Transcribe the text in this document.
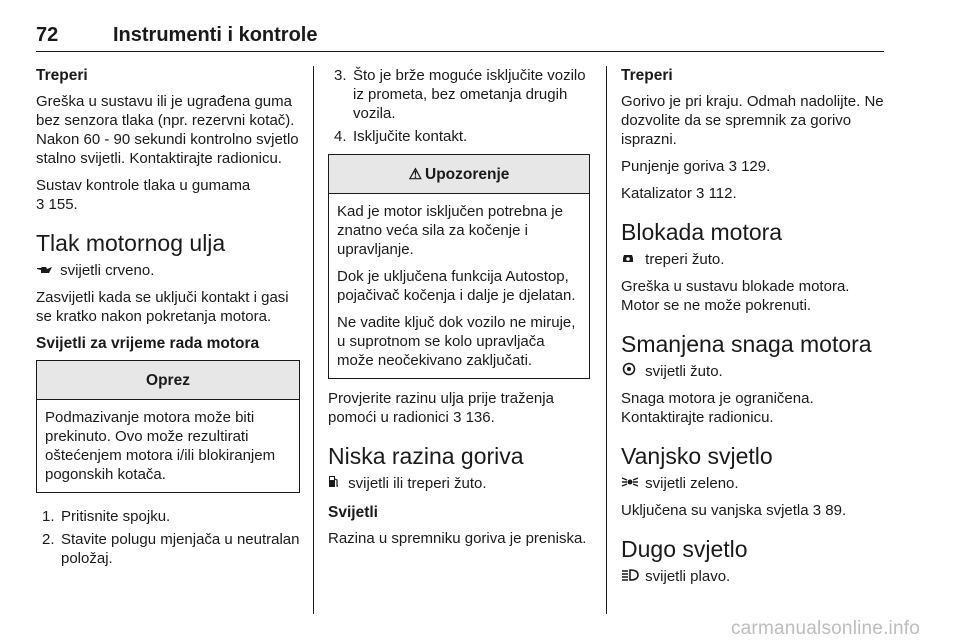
72	Instrumenti i kontrole
Treperi

Greška u sustavu ili je ugrađena guma bez senzora tlaka (npr. rezervni kotač). Nakon 60 - 90 sekundi kontrolno svjetlo stalno svijetli. Kontaktirajte radionicu.

Sustav kontrole tlaka u gumama
3 155.

Tlak motornog ulja

svijetli crveno.

Zasvijetli kada se uključi kontakt i gasi se kratko nakon pokretanja motora.

Svijetli za vrijeme rada motora
Oprez

Podmazivanje motora može biti prekinuto. Ovo može rezultirati oštećenjem motora i/ili blokiranjem pogonskih kotača.

1. Pritisnite spojku.
2. Stavite polugu mjenjača u neutralan položaj.
3. Što je brže moguće isključite vozilo iz prometa, bez ometanja drugih vozila.
4. Isključite kontakt.
⚠ Upozorenje

Kad je motor isključen potrebna je znatno veća sila za kočenje i upravljanje.

Dok je uključena funkcija Autostop, pojačivač kočenja i dalje je djelatan.

Ne vadite ključ dok vozilo ne miruje, u suprotnom se kolo upravljača može neočekivano zaključati.

Provjerite razinu ulja prije traženja pomoći u radionici 3 136.

Niska razina goriva

svijetli ili treperi žuto.

Svijetli

Razina u spremniku goriva je preniska.

Treperi

Gorivo je pri kraju. Odmah nadolijte. Ne dozvolite da se spremnik za gorivo isprazni.

Punjenje goriva 3 129.

Katalizator 3 112.

Blokada motora

treperi žuto.

Greška u sustavu blokade motora. Motor se ne može pokrenuti.

Smanjena snaga motora

svijetli žuto.

Snaga motora je ograničena. Kontaktirajte radionicu.

Vanjsko svjetlo

svijetli zeleno.

Uključena su vanjska svjetla 3 89.

Dugo svjetlo

svijetli plavo.

carmanualsonline.info
